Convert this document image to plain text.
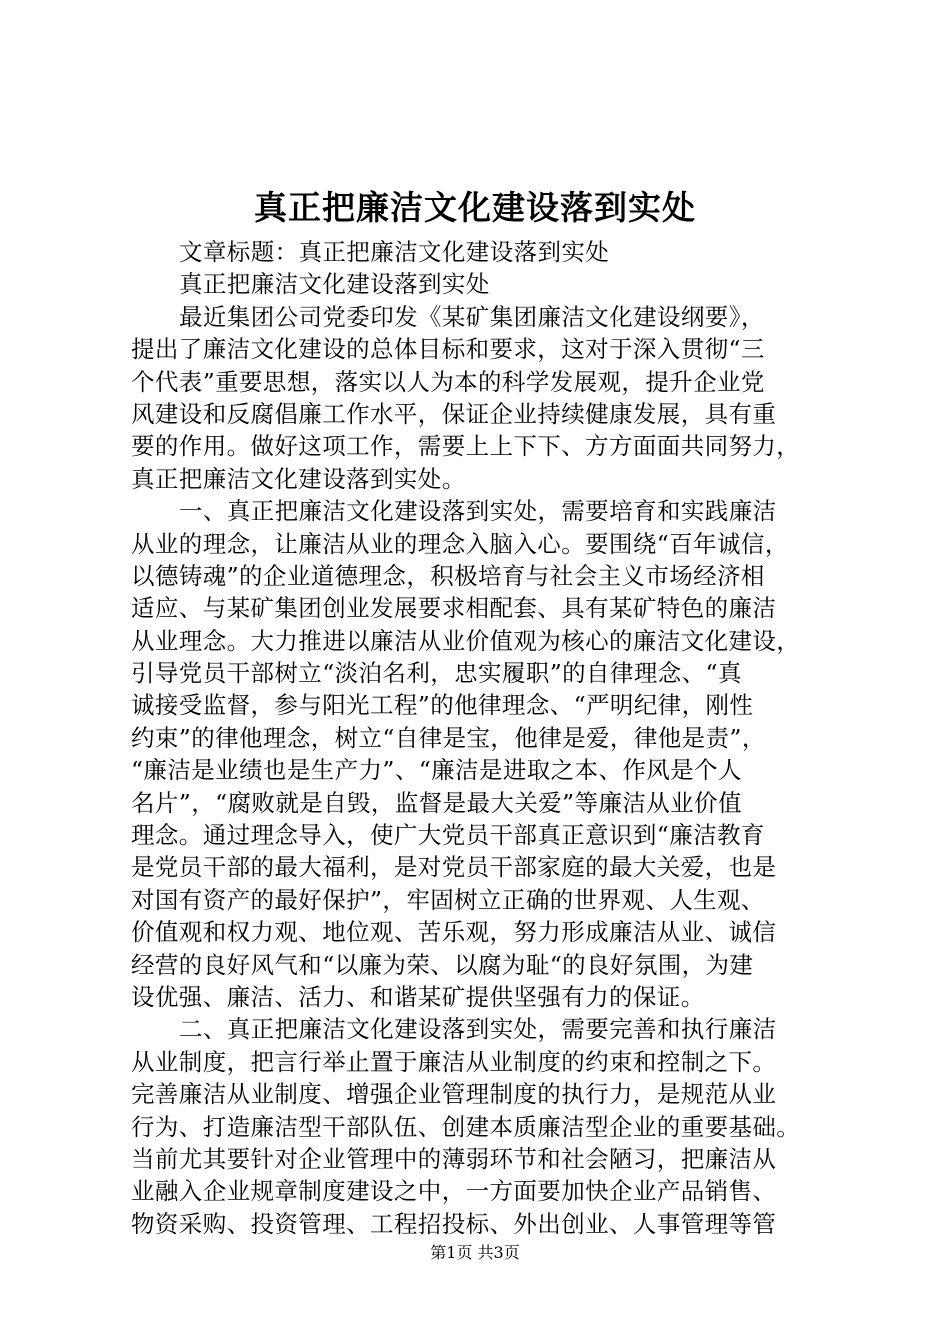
真正把廉洁文化建设落到实处
文章标题：真正把廉洁文化建设落到实处
真正把廉洁文化建设落到实处
最近集团公司党委印发《某矿集团廉洁文化建设纲要》，
提出了廉洁文化建设的总体目标和要求，这对于深入贯彻“三
个代表”重要思想，落实以人为本的科学发展观，提升企业党
风建设和反腐倡廉工作水平，保证企业持续健康发展，具有重
要的作用。做好这项工作，需要上上下下、方方面面共同努力，
真正把廉洁文化建设落到实处。
一、真正把廉洁文化建设落到实处，需要培育和实践廉洁
从业的理念，让廉洁从业的理念入脑入心。要围绕“百年诚信，
以德铸魂”的企业道德理念，积极培育与社会主义市场经济相
适应、与某矿集团创业发展要求相配套、具有某矿特色的廉洁
从业理念。大力推进以廉洁从业价值观为核心的廉洁文化建设，
引导党员干部树立“淡泊名利，忠实履职”的自律理念、“真
诚接受监督，参与阳光工程”的他律理念、“严明纪律，刚性
约束”的律他理念，树立“自律是宝，他律是爱，律他是责”，
“廉洁是业绩也是生产力”、“廉洁是进取之本、作风是个人
名片”，“腐败就是自毁，监督是最大关爱”等廉洁从业价值
理念。通过理念导入，使广大党员干部真正意识到“廉洁教育
是党员干部的最大福利，是对党员干部家庭的最大关爱，也是
对国有资产的最好保护”，牢固树立正确的世界观、人生观、
价值观和权力观、地位观、苦乐观，努力形成廉洁从业、诚信
经营的良好风气和“以廉为荣、以腐为耻“的良好氛围，为建
设优强、廉洁、活力、和谐某矿提供坚强有力的保证。
二、真正把廉洁文化建设落到实处，需要完善和执行廉洁
从业制度，把言行举止置于廉洁从业制度的约束和控制之下。
完善廉洁从业制度、增强企业管理制度的执行力，是规范从业
行为、打造廉洁型干部队伍、创建本质廉洁型企业的重要基础。
当前尤其要针对企业管理中的薄弱环节和社会陋习，把廉洁从
业融入企业规章制度建设之中，一方面要加快企业产品销售、
物资采购、投资管理、工程招投标、外出创业、人事管理等管
第1页 共3页
